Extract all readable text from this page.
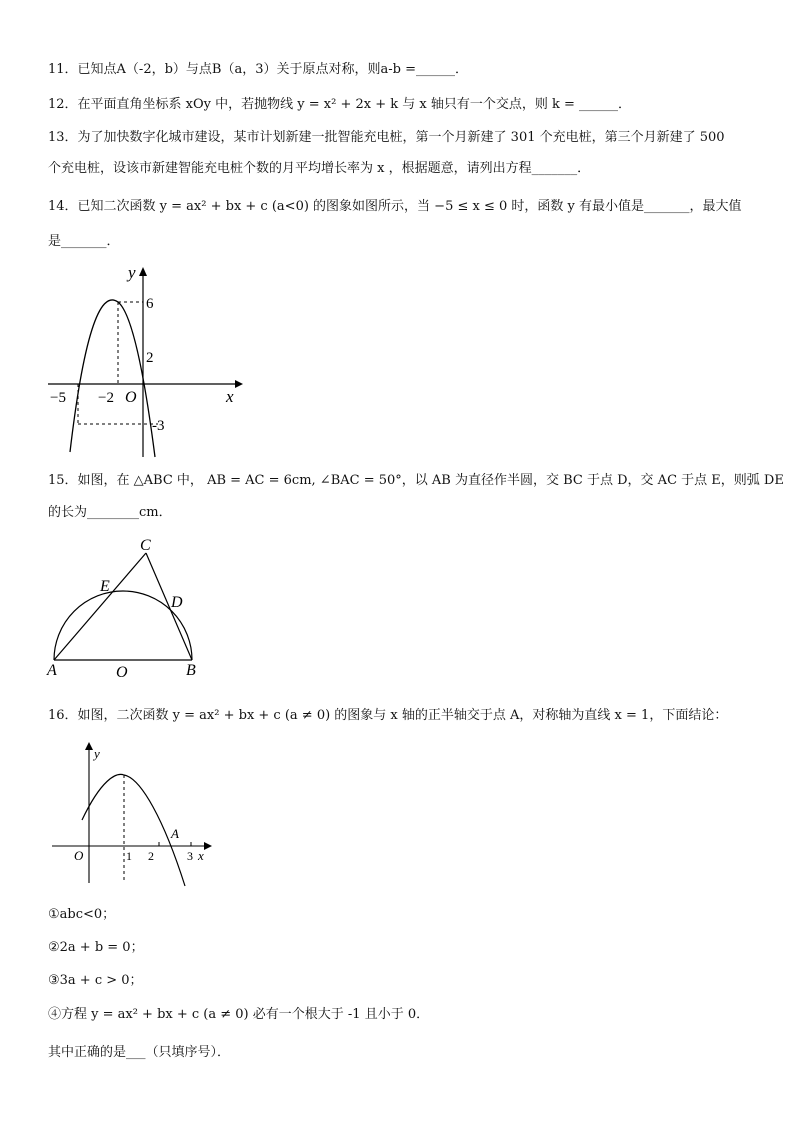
11．已知点A（-2，b）与点B（a，3）关于原点对称，则a-b =______．
12．在平面直角坐标系 xOy 中，若抛物线 y = x² + 2x + k 与 x 轴只有一个交点，则 k = ______．
13．为了加快数字化城市建设，某市计划新建一批智能充电桩，第一个月新建了 301 个充电桩，第三个月新建了 500
个充电桩，设该市新建智能充电桩个数的月平均增长率为 x ，根据题意，请列出方程_______．
14．已知二次函数 y = ax² + bx + c (a<0) 的图象如图所示，当 −5 ≤ x ≤ 0 时，函数 y 有最小值是_______，最大值
是_______．
y
x
O
6
2
-3
−5 −2
15．如图，在 △ABC 中， AB = AC = 6cm, ∠BAC = 50°，以 AB 为直径作半圆，交 BC 于点 D，交 AC 于点 E，则弧 DE
的长为________cm．
C
E
D
A	O	B
16．如图，二次函数 y = ax² + bx + c (a ≠ 0) 的图象与 x 轴的正半轴交于点 A，对称轴为直线 x = 1，下面结论：
y
x
O	1 2	3
A
①abc<0；
②2a + b = 0；
③3a + c > 0；
④方程 y = ax² + bx + c (a ≠ 0) 必有一个根大于 -1 且小于 0．
其中正确的是___（只填序号）．
